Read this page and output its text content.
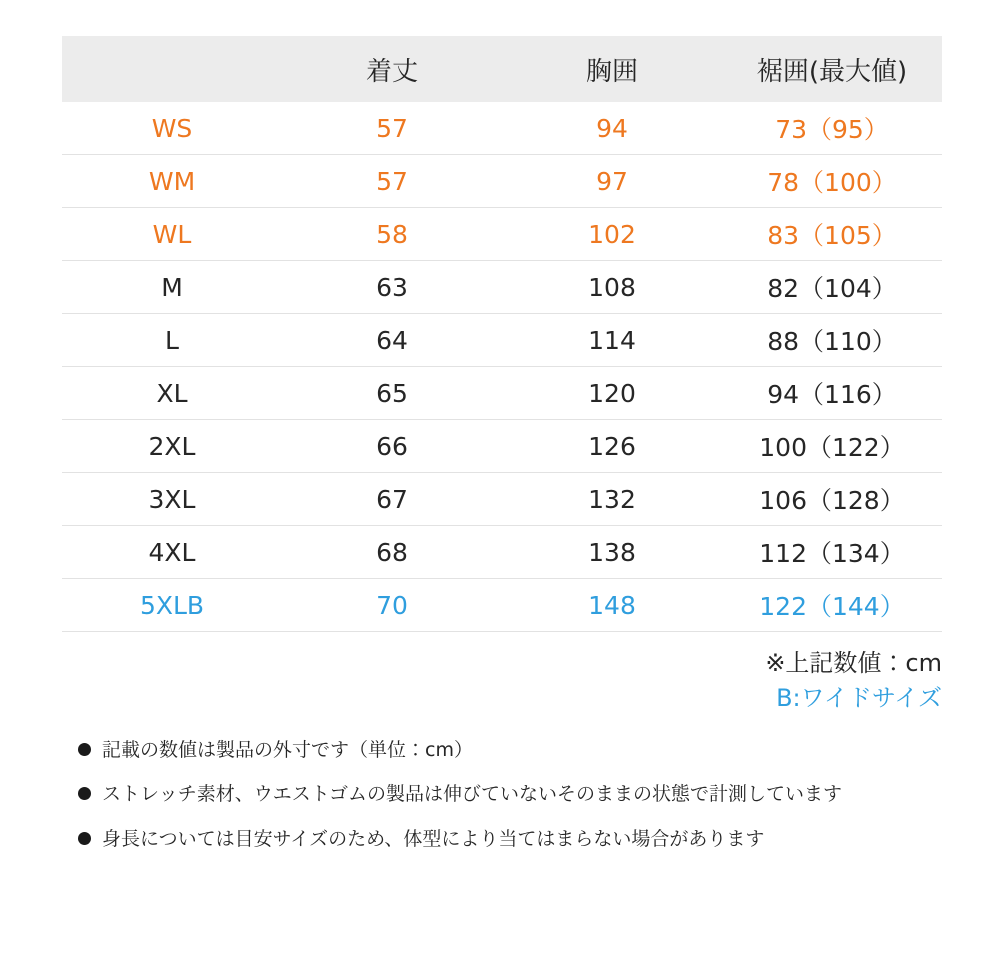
	着丈	胸囲	裾囲(最大値)
WS	57	94	73（95）
WM	57	97	78（100）
WL	58	102	83（105）
M	63	108	82（104）
L	64	114	88（110）
XL	65	120	94（116）
2XL	66	126	100（122）
3XL	67	132	106（128）
4XL	68	138	112（134）
5XLB	70	148	122（144）
※上記数値：cm
B:ワイドサイズ
記載の数値は製品の外寸です（単位：cm）
ストレッチ素材、ウエストゴムの製品は伸びていないそのままの状態で計測しています
身長については目安サイズのため、体型により当てはまらない場合があります
